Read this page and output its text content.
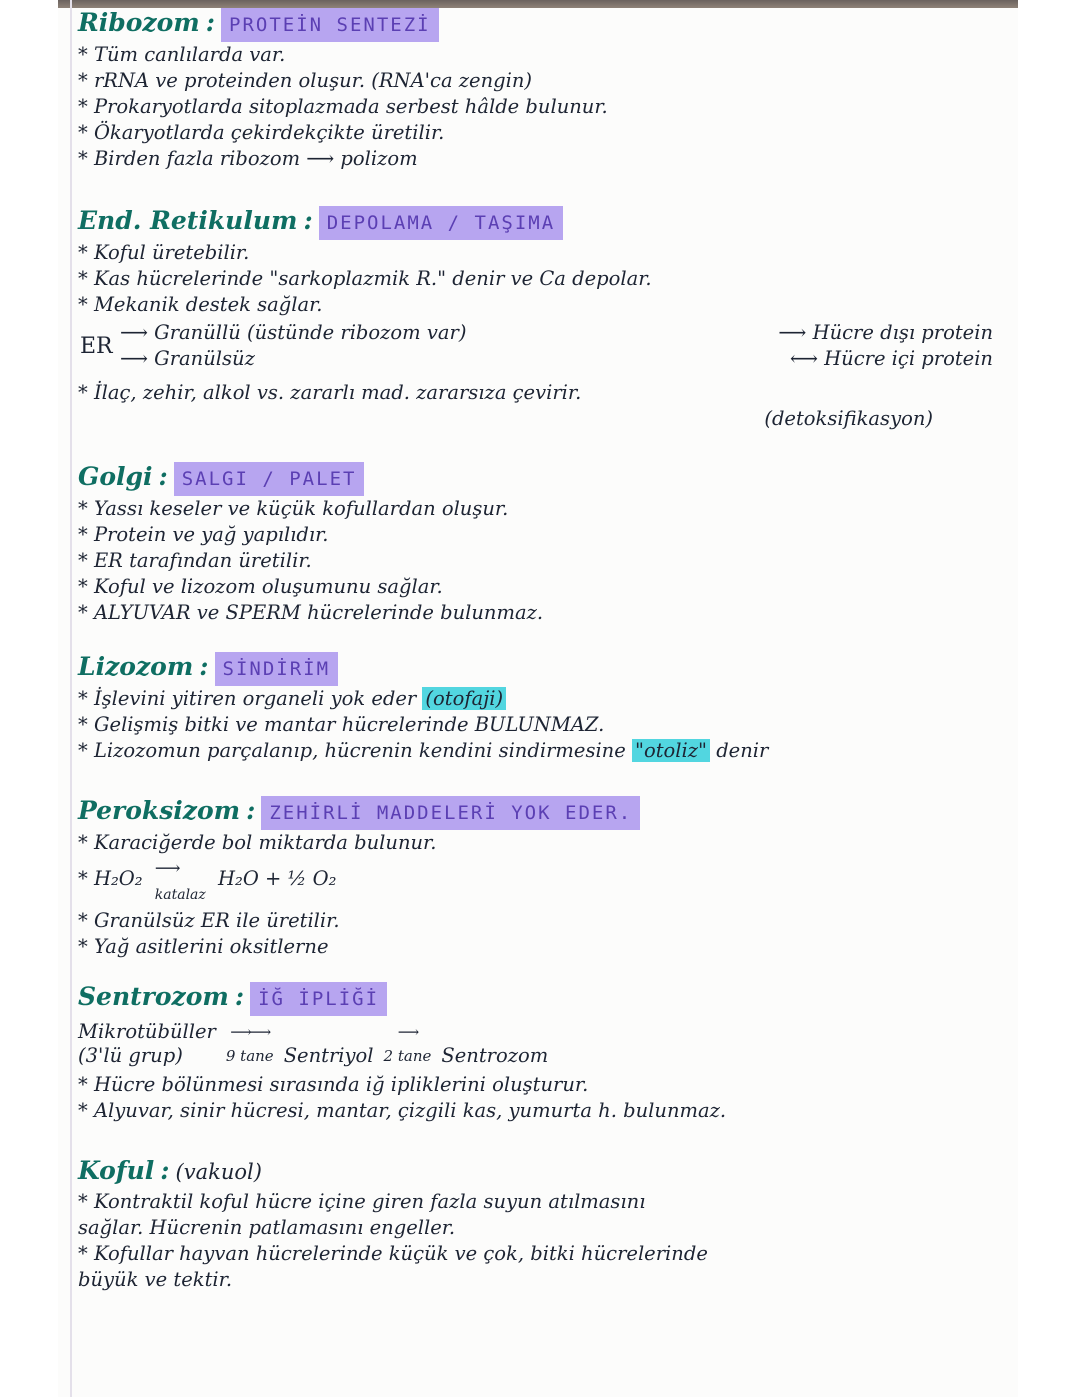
Ribozom : PROTEİN SENTEZİ
* Tüm canlılarda var.
* rRNA ve proteinden oluşur. (RNA'ca zengin)
* Prokaryotlarda sitoplazmada serbest hâlde bulunur.
* Ökaryotlarda çekirdekçikte üretilir.
* Birden fazla ribozom ⟶ polizom
End. Retikulum : DEPOLAMA / TAŞIMA
* Koful üretebilir.
* Kas hücrelerinde "sarkoplazmik R." denir ve Ca depolar.
* Mekanik destek sağlar.
ER
⟶ Granüllü (üstünde ribozom var)	⟶ Hücre dışı protein
⟶ Granülsüz	⟷ Hücre içi protein
* İlaç, zehir, alkol vs. zararlı mad. zararsıza çevirir.
(detoksifikasyon)
Golgi : SALGI / PALET
* Yassı keseler ve küçük kofullardan oluşur.
* Protein ve yağ yapılıdır.
* ER tarafından üretilir.
* Koful ve lizozom oluşumunu sağlar.
* ALYUVAR ve SPERM hücrelerinde bulunmaz.
Lizozom : SİNDİRİM
* İşlevini yitiren organeli yok eder (otofaji)
* Gelişmiş bitki ve mantar hücrelerinde BULUNMAZ.
* Lizozomun parçalanıp, hücrenin kendini sindirmesine "otoliz" denir
Peroksizom : ZEHİRLİ MADDELERİ YOK EDER.
* Karaciğerde bol miktarda bulunur.
* H₂O₂ ⟶
katalaz H₂O + ½ O₂
* Granülsüz ER ile üretilir.
* Yağ asitlerini oksitlerne
Sentrozom : İĞ İPLİĞİ
Mikrotübüller
(3'lü grup)
⟶⟶
9 tane Sentriyol
⟶
2 tane Sentrozom
* Hücre bölünmesi sırasında iğ ipliklerini oluşturur.
* Alyuvar, sinir hücresi, mantar, çizgili kas, yumurta h. bulunmaz.
Koful : (vakuol)
* Kontraktil koful hücre içine giren fazla suyun atılmasını
sağlar. Hücrenin patlamasını engeller.
* Kofullar hayvan hücrelerinde küçük ve çok, bitki hücrelerinde
büyük ve tektir.
